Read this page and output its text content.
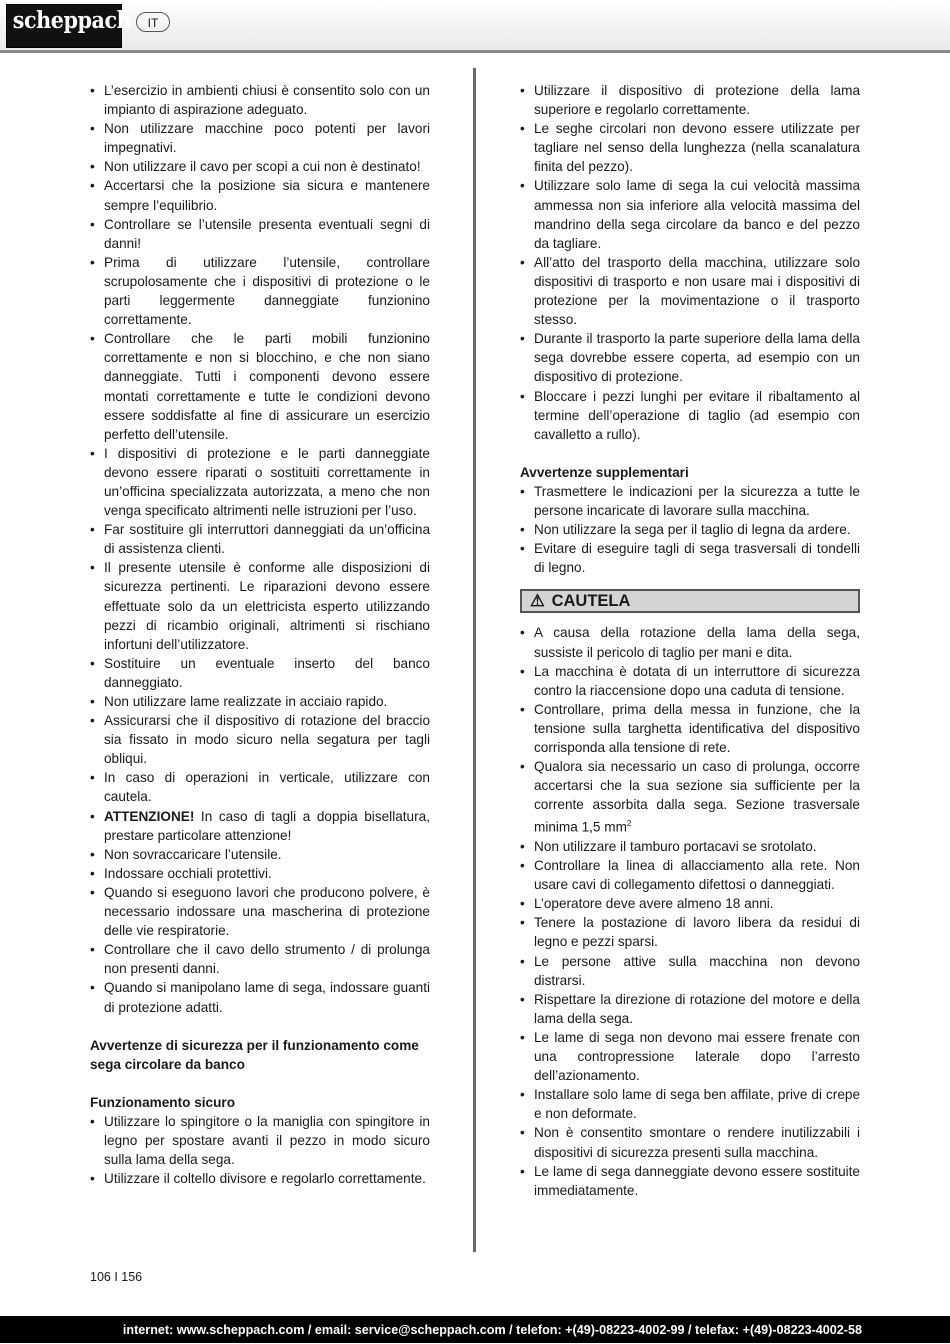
scheppach	IT
• L’esercizio in ambienti chiusi è consentito solo con un impianto di aspirazione adeguato.
• Non utilizzare macchine poco potenti per lavori impegnativi.
• Non utilizzare il cavo per scopi a cui non è destinato!
• Accertarsi che la posizione sia sicura e mantenere sempre l’equilibrio.
• Controllare se l’utensile presenta eventuali segni di danni!
• Prima di utilizzare l’utensile, controllare scrupolosamente che i dispositivi di protezione o le parti leggermente danneggiate funzionino correttamente.
• Controllare che le parti mobili funzionino correttamente e non si blocchino, e che non siano danneggiate. Tutti i componenti devono essere montati correttamente e tutte le condizioni devono essere soddisfatte al fine di assicurare un esercizio perfetto dell’utensile.
• I dispositivi di protezione e le parti danneggiate devono essere riparati o sostituiti correttamente in un’officina specializzata autorizzata, a meno che non venga specificato altrimenti nelle istruzioni per l’uso.
• Far sostituire gli interruttori danneggiati da un’officina di assistenza clienti.
• Il presente utensile è conforme alle disposizioni di sicurezza pertinenti. Le riparazioni devono essere effettuate solo da un elettricista esperto utilizzando pezzi di ricambio originali, altrimenti si rischiano infortuni dell’utilizzatore.
• Sostituire un eventuale inserto del banco danneggiato.
• Non utilizzare lame realizzate in acciaio rapido.
• Assicurarsi che il dispositivo di rotazione del braccio sia fissato in modo sicuro nella segatura per tagli obliqui.
• In caso di operazioni in verticale, utilizzare con cautela.
• ATTENZIONE! In caso di tagli a doppia bisellatura, prestare particolare attenzione!
• Non sovraccaricare l’utensile.
• Indossare occhiali protettivi.
• Quando si eseguono lavori che producono polvere, è necessario indossare una mascherina di protezione delle vie respiratorie.
• Controllare che il cavo dello strumento / di prolunga non presenti danni.
• Quando si manipolano lame di sega, indossare guanti di protezione adatti.
Avvertenze di sicurezza per il funzionamento come sega circolare da banco
Funzionamento sicuro
• Utilizzare lo spingitore o la maniglia con spingitore in legno per spostare avanti il pezzo in modo sicuro sulla lama della sega.
• Utilizzare il coltello divisore e regolarlo correttamente.
• Utilizzare il dispositivo di protezione della lama superiore e regolarlo correttamente.
• Le seghe circolari non devono essere utilizzate per tagliare nel senso della lunghezza (nella scanalatura finita del pezzo).
• Utilizzare solo lame di sega la cui velocità massima ammessa non sia inferiore alla velocità massima del mandrino della sega circolare da banco e del pezzo da tagliare.
• All’atto del trasporto della macchina, utilizzare solo dispositivi di trasporto e non usare mai i dispositivi di protezione per la movimentazione o il trasporto stesso.
• Durante il trasporto la parte superiore della lama della sega dovrebbe essere coperta, ad esempio con un dispositivo di protezione.
• Bloccare i pezzi lunghi per evitare il ribaltamento al termine dell’operazione di taglio (ad esempio con cavalletto a rullo).
Avvertenze supplementari
• Trasmettere le indicazioni per la sicurezza a tutte le persone incaricate di lavorare sulla macchina.
• Non utilizzare la sega per il taglio di legna da ardere.
• Evitare di eseguire tagli di sega trasversali di tondelli di legno.
⚠ CAUTELA
• A causa della rotazione della lama della sega, sussiste il pericolo di taglio per mani e dita.
• La macchina è dotata di un interruttore di sicurezza contro la riaccensione dopo una caduta di tensione.
• Controllare, prima della messa in funzione, che la tensione sulla targhetta identificativa del dispositivo corrisponda alla tensione di rete.
• Qualora sia necessario un caso di prolunga, occorre accertarsi che la sua sezione sia sufficiente per la corrente assorbita dalla sega. Sezione trasversale minima 1,5 $mm^2$
• Non utilizzare il tamburo portacavi se srotolato.
• Controllare la linea di allacciamento alla rete. Non usare cavi di collegamento difettosi o danneggiati.
• L’operatore deve avere almeno 18 anni.
• Tenere la postazione di lavoro libera da residui di legno e pezzi sparsi.
• Le persone attive sulla macchina non devono distrarsi.
• Rispettare la direzione di rotazione del motore e della lama della sega.
• Le lame di sega non devono mai essere frenate con una contropressione laterale dopo l’arresto dell’azionamento.
• Installare solo lame di sega ben affilate, prive di crepe e non deformate.
• Non è consentito smontare o rendere inutilizzabili i dispositivi di sicurezza presenti sulla macchina.
• Le lame di sega danneggiate devono essere sostituite immediatamente.
106 I 156
internet: www.scheppach.com / email: service@scheppach.com / telefon: +(49)-08223-4002-99 / telefax: +(49)-08223-4002-58
